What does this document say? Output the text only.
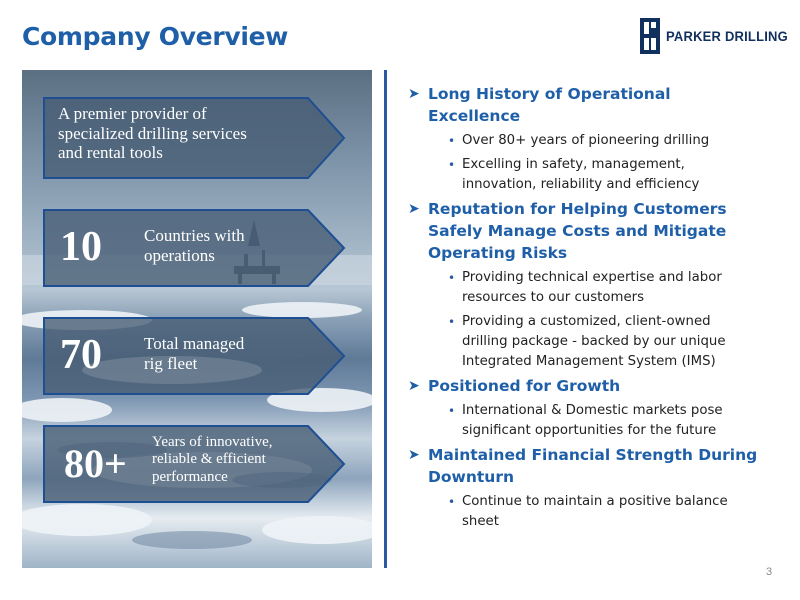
Company Overview	PARKER DRILLING
A premier provider of
specialized drilling services
and rental tools
10 Countries with
operations
70 Total managed
rig fleet
80+ Years of innovative,
reliable & efficient
performance
➤ Long History of Operational Excellence
• Over 80+ years of pioneering drilling
• Excelling in safety, management, innovation, reliability and efficiency
➤ Reputation for Helping Customers Safely Manage Costs and Mitigate Operating Risks
• Providing technical expertise and labor resources to our customers
• Providing a customized, client-owned drilling package - backed by our unique Integrated Management System (IMS)
➤ Positioned for Growth
• International & Domestic markets pose significant opportunities for the future
➤ Maintained Financial Strength During Downturn
• Continue to maintain a positive balance sheet
3
